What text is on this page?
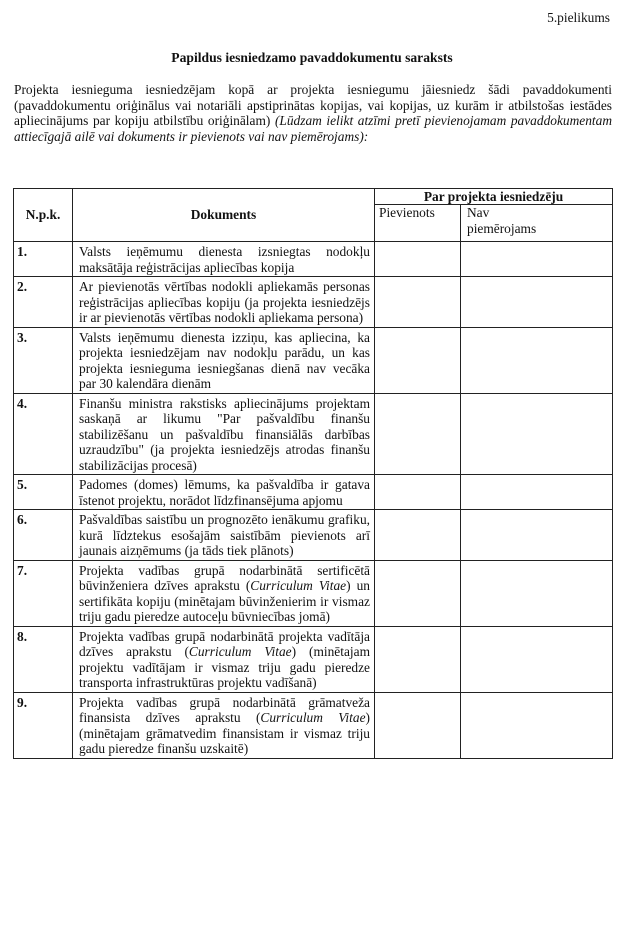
5.pielikums
Papildus iesniedzamo pavaddokumentu saraksts
Projekta iesnieguma iesniedzējam kopā ar projekta iesniegumu jāiesniedz šādi pavaddokumenti (pavaddokumentu oriģinālus vai notariāli apstiprinātas kopijas, vai kopijas, uz kurām ir atbilstošas iestādes apliecinājums par kopiju atbilstību oriģinālam) (Lūdzam ielikt atzīmi pretī pievienojamam pavaddokumentam attiecīgajā ailē vai dokuments ir pievienots vai nav piemērojams):
N.p.k.	Dokuments	Par projekta iesniedzēju	
		Pievienots	Nav piemērojams
1.	Valsts ieņēmumu dienesta izsniegtas nodokļu maksātāja reģistrācijas apliecības kopija		
2.	Ar pievienotās vērtības nodokli apliekamās personas reģistrācijas apliecības kopiju (ja projekta iesniedzējs ir ar pievienotās vērtības nodokli apliekama persona)		
3.	Valsts ieņēmumu dienesta izziņu, kas apliecina, ka projekta iesniedzējam nav nodokļu parādu, un kas projekta iesnieguma iesniegšanas dienā nav vecāka par 30 kalendāra dienām		
4.	Finanšu ministra rakstisks apliecinājums projektam saskaņā ar likumu "Par pašvaldību finanšu stabilizēšanu un pašvaldību finansiālās darbības uzraudzību" (ja projekta iesniedzējs atrodas finanšu stabilizācijas procesā)		
5.	Padomes (domes) lēmums, ka pašvaldība ir gatava īstenot projektu, norādot līdzfinansējuma apjomu		
6.	Pašvaldības saistību un prognozēto ienākumu grafiku, kurā līdztekus esošajām saistībām pievienots arī jaunais aizņēmums (ja tāds tiek plānots)		
7.	Projekta vadības grupā nodarbinātā sertificētā būvinženiera dzīves aprakstu (Curriculum Vitae) un sertifikāta kopiju (minētajam būvinženierim ir vismaz triju gadu pieredze autoceļu būvniecības jomā)		
8.	Projekta vadības grupā nodarbinātā projekta vadītāja dzīves aprakstu (Curriculum Vitae) (minētajam projektu vadītājam ir vismaz triju gadu pieredze transporta infrastruktūras projektu vadīšanā)		
9.	Projekta vadības grupā nodarbinātā grāmatveža finansista dzīves aprakstu (Curriculum Vitae) (minētajam grāmatvedim finansistam ir vismaz triju gadu pieredze finanšu uzskaitē)		
